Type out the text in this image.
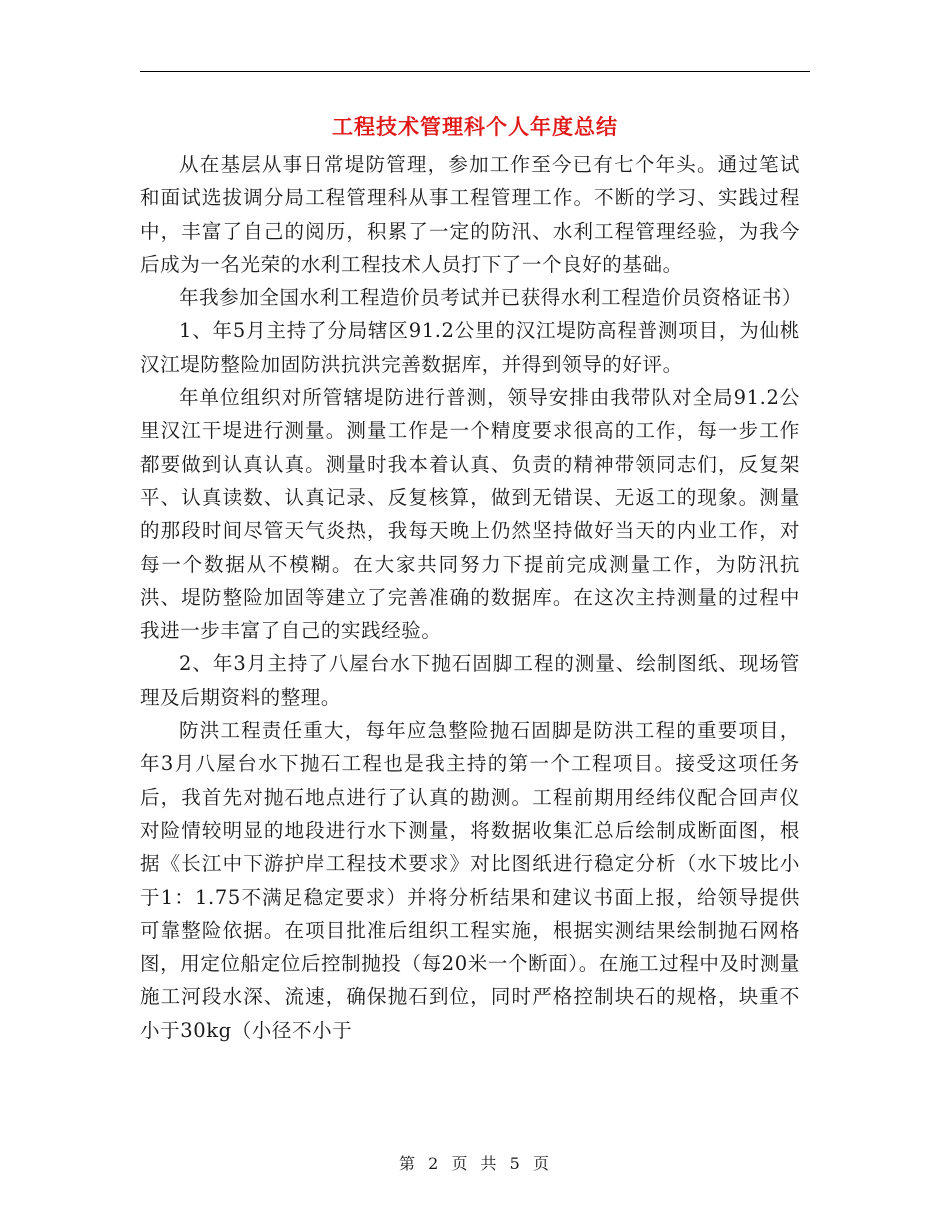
工程技术管理科个人年度总结

从在基层从事日常堤防管理，参加工作至今已有七个年头。通过笔试和面试选拔调分局工程管理科从事工程管理工作。不断的学习、实践过程中，丰富了自己的阅历，积累了一定的防汛、水利工程管理经验，为我今后成为一名光荣的水利工程技术人员打下了一个良好的基础。

年我参加全国水利工程造价员考试并已获得水利工程造价员资格证书）

1、年5月主持了分局辖区91.2公里的汉江堤防高程普测项目，为仙桃汉江堤防整险加固防洪抗洪完善数据库，并得到领导的好评。

年单位组织对所管辖堤防进行普测，领导安排由我带队对全局91.2公里汉江干堤进行测量。测量工作是一个精度要求很高的工作，每一步工作都要做到认真认真。测量时我本着认真、负责的精神带领同志们，反复架平、认真读数、认真记录、反复核算，做到无错误、无返工的现象。测量的那段时间尽管天气炎热，我每天晚上仍然坚持做好当天的内业工作，对每一个数据从不模糊。在大家共同努力下提前完成测量工作，为防汛抗洪、堤防整险加固等建立了完善准确的数据库。在这次主持测量的过程中我进一步丰富了自己的实践经验。

2、年3月主持了八屋台水下抛石固脚工程的测量、绘制图纸、现场管理及后期资料的整理。

防洪工程责任重大，每年应急整险抛石固脚是防洪工程的重要项目，年3月八屋台水下抛石工程也是我主持的第一个工程项目。接受这项任务后，我首先对抛石地点进行了认真的勘测。工程前期用经纬仪配合回声仪对险情较明显的地段进行水下测量，将数据收集汇总后绘制成断面图，根据《长江中下游护岸工程技术要求》对比图纸进行稳定分析（水下坡比小于1：1.75不满足稳定要求）并将分析结果和建议书面上报，给领导提供可靠整险依据。在项目批准后组织工程实施，根据实测结果绘制抛石网格图，用定位船定位后控制抛投（每20米一个断面）。在施工过程中及时测量施工河段水深、流速，确保抛石到位，同时严格控制块石的规格，块重不小于30kg（小径不小于

第 2 页 共 5 页
